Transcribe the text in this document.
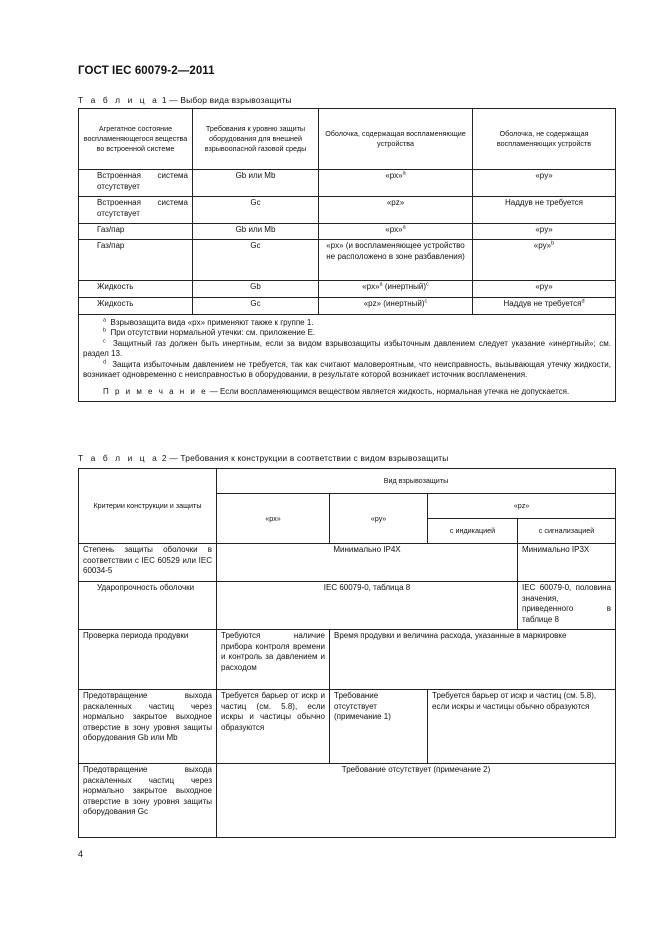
ГОСТ IEC 60079-2—2011
Т а б л и ц а 1 — Выбор вида взрывозащиты
Агрегатное состояние воспламеняющегося вещества во встроенной системе	Требования к уровню защиты оборудования для внешней взрывоопасной газовой среды	Оболочка, содержащая воспламеняющие устройства	Оболочка, не содержащая воспламеняющих устройств
Встроенная система отсутствует	Gb или Mb	«px»$^a$	«py»
Встроенная система отсутствует	Gc	«pz»	Наддув не требуется
Газ/пар	Gb или Mb	«px»$^a$	«py»
Газ/пар	Gc	«px» (и воспламеняющее устройство не расположено в зоне разбавления)	«py»$^b$
Жидкость	Gb	«px»$^a$ (инертный)$^c$	«py»
Жидкость	Gc	«pz» (инертный)$^c$	Наддув не требуется$^d$

$^a$ Взрывозащита вида «px» применяют также к группе 1.

$^b$ При отсутствии нормальной утечки: см. приложение E.

$^c$ Защитный газ должен быть инертным, если за видом взрывозащиты избыточным давлением следует указание «инертный»; см. раздел 13.

$^d$ Защита избыточным давлением не требуется, так как считают маловероятным, что неисправность, вызывающая утечку жидкости, возникает одновременно с неисправностью в оборудовании, в результате которой возникает источник воспламенения.

П р и м е ч а н и е — Если воспламеняющимся веществом является жидкость, нормальная утечка не допускается.			

Т а б л и ц а 2 — Требования к конструкции в соответствии с видом взрывозащиты
Критерии конструкции и защиты	Вид взрывозащиты			
	«px»	«py»	«pz»	
			с индикацией	с сигнализацией
Степень защиты оболочки в соответствии с IEC 60529 или IEC 60034-5	Минимально IP4X			Минимально IP3X
Ударопрочность оболочки	IEC 60079-0, таблица 8			IEC 60079-0, половина значения, приведенного в таблице 8
Проверка периода продувки	Требуются наличие прибора контроля времени и контроль за давлением и расходом	Время продувки и величина расхода, указанные в маркировке		
Предотвращение выхода раскаленных частиц через нормально закрытое выходное отверстие в зону уровня защиты оборудования Gb или Mb	Требуется барьер от искр и частиц (см. 5.8), если искры и частицы обычно образуются	Требование отсутствует (примечание 1)	Требуется барьер от искр и частиц (см. 5.8), если искры и частицы обычно образуются	
Предотвращение выхода раскаленных частиц через нормально закрытое выходное отверстие в зону уровня защиты оборудования Gc	Требование отсутствует (примечание 2)			
4
